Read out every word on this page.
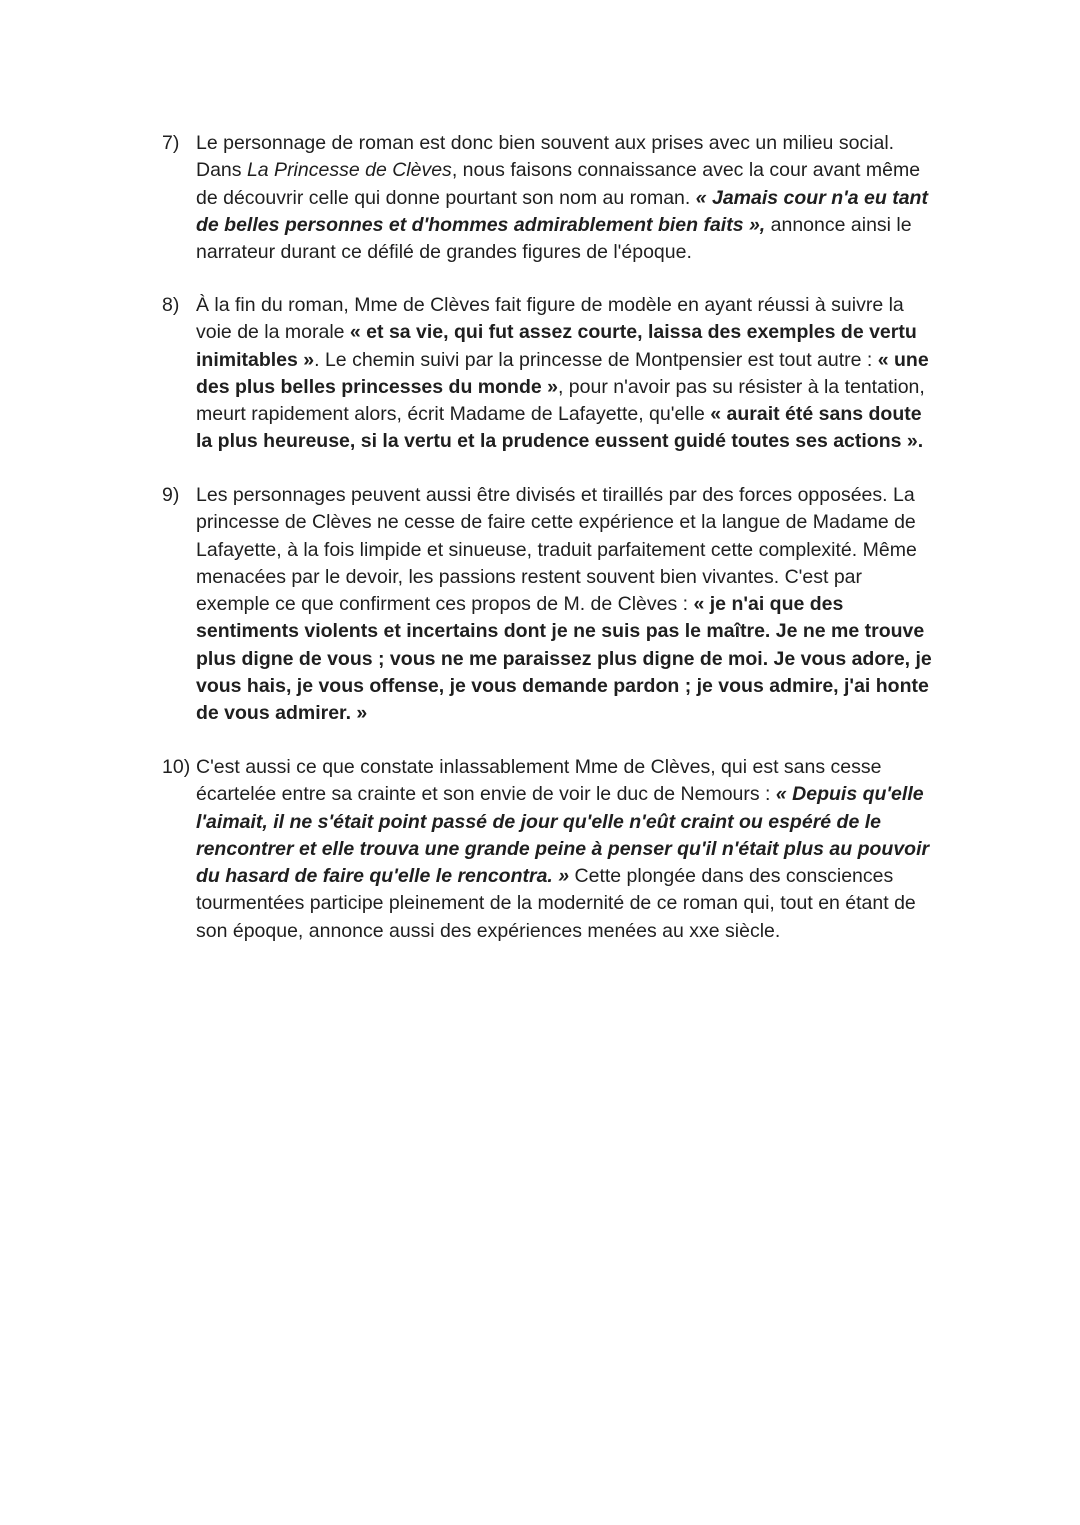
7) Le personnage de roman est donc bien souvent aux prises avec un milieu social.
Dans La Princesse de Clèves, nous faisons connaissance avec la cour avant même
de découvrir celle qui donne pourtant son nom au roman. « Jamais cour n'a eu tant
de belles personnes et d'hommes admirablement bien faits », annonce ainsi le
narrateur durant ce défilé de grandes figures de l'époque.
8) À la fin du roman, Mme de Clèves fait figure de modèle en ayant réussi à suivre la
voie de la morale « et sa vie, qui fut assez courte, laissa des exemples de vertu
inimitables ». Le chemin suivi par la princesse de Montpensier est tout autre : « une
des plus belles princesses du monde », pour n'avoir pas su résister à la tentation,
meurt rapidement alors, écrit Madame de Lafayette, qu'elle « aurait été sans doute
la plus heureuse, si la vertu et la prudence eussent guidé toutes ses actions ».
9) Les personnages peuvent aussi être divisés et tiraillés par des forces opposées. La
princesse de Clèves ne cesse de faire cette expérience et la langue de Madame de
Lafayette, à la fois limpide et sinueuse, traduit parfaitement cette complexité. Même
menacées par le devoir, les passions restent souvent bien vivantes. C'est par
exemple ce que confirment ces propos de M. de Clèves : « je n'ai que des
sentiments violents et incertains dont je ne suis pas le maître. Je ne me trouve
plus digne de vous ; vous ne me paraissez plus digne de moi. Je vous adore, je
vous hais, je vous offense, je vous demande pardon ; je vous admire, j'ai honte
de vous admirer. »
10) C'est aussi ce que constate inlassablement Mme de Clèves, qui est sans cesse
écartelée entre sa crainte et son envie de voir le duc de Nemours : « Depuis qu'elle
l'aimait, il ne s'était point passé de jour qu'elle n'eût craint ou espéré de le
rencontrer et elle trouva une grande peine à penser qu'il n'était plus au pouvoir
du hasard de faire qu'elle le rencontra. » Cette plongée dans des consciences
tourmentées participe pleinement de la modernité de ce roman qui, tout en étant de
son époque, annonce aussi des expériences menées au xxe siècle.
